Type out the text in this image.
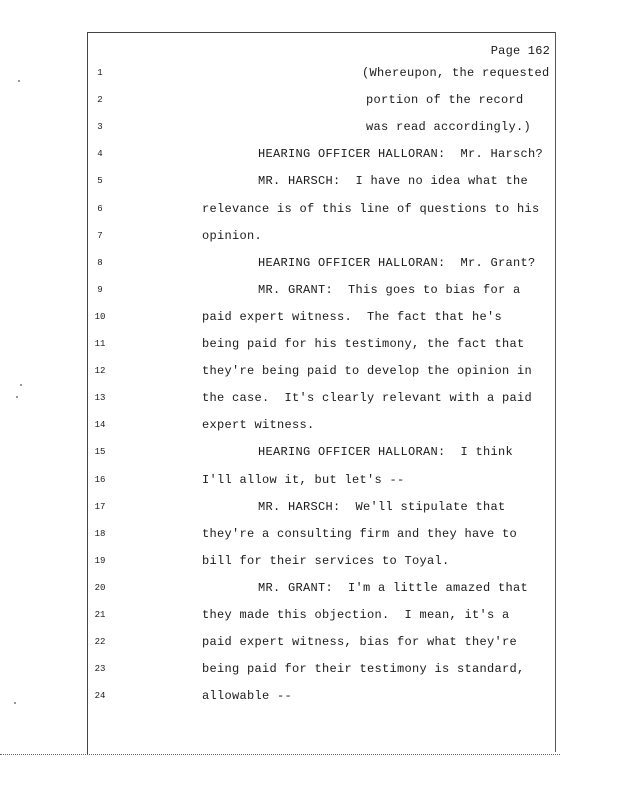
Page 162
1	(Whereupon, the requested
2	portion of the record
3	was read accordingly.)
4	HEARING OFFICER HALLORAN:  Mr. Harsch?
5	MR. HARSCH:  I have no idea what the
6	relevance is of this line of questions to his
7	opinion.
8	HEARING OFFICER HALLORAN:  Mr. Grant?
9	MR. GRANT:  This goes to bias for a
10	paid expert witness.  The fact that he's
11	being paid for his testimony, the fact that
12	they're being paid to develop the opinion in
13	the case.  It's clearly relevant with a paid
14	expert witness.
15	HEARING OFFICER HALLORAN:  I think
16	I'll allow it, but let's --
17	MR. HARSCH:  We'll stipulate that
18	they're a consulting firm and they have to
19	bill for their services to Toyal.
20	MR. GRANT:  I'm a little amazed that
21	they made this objection.  I mean, it's a
22	paid expert witness, bias for what they're
23	being paid for their testimony is standard,
24	allowable --
